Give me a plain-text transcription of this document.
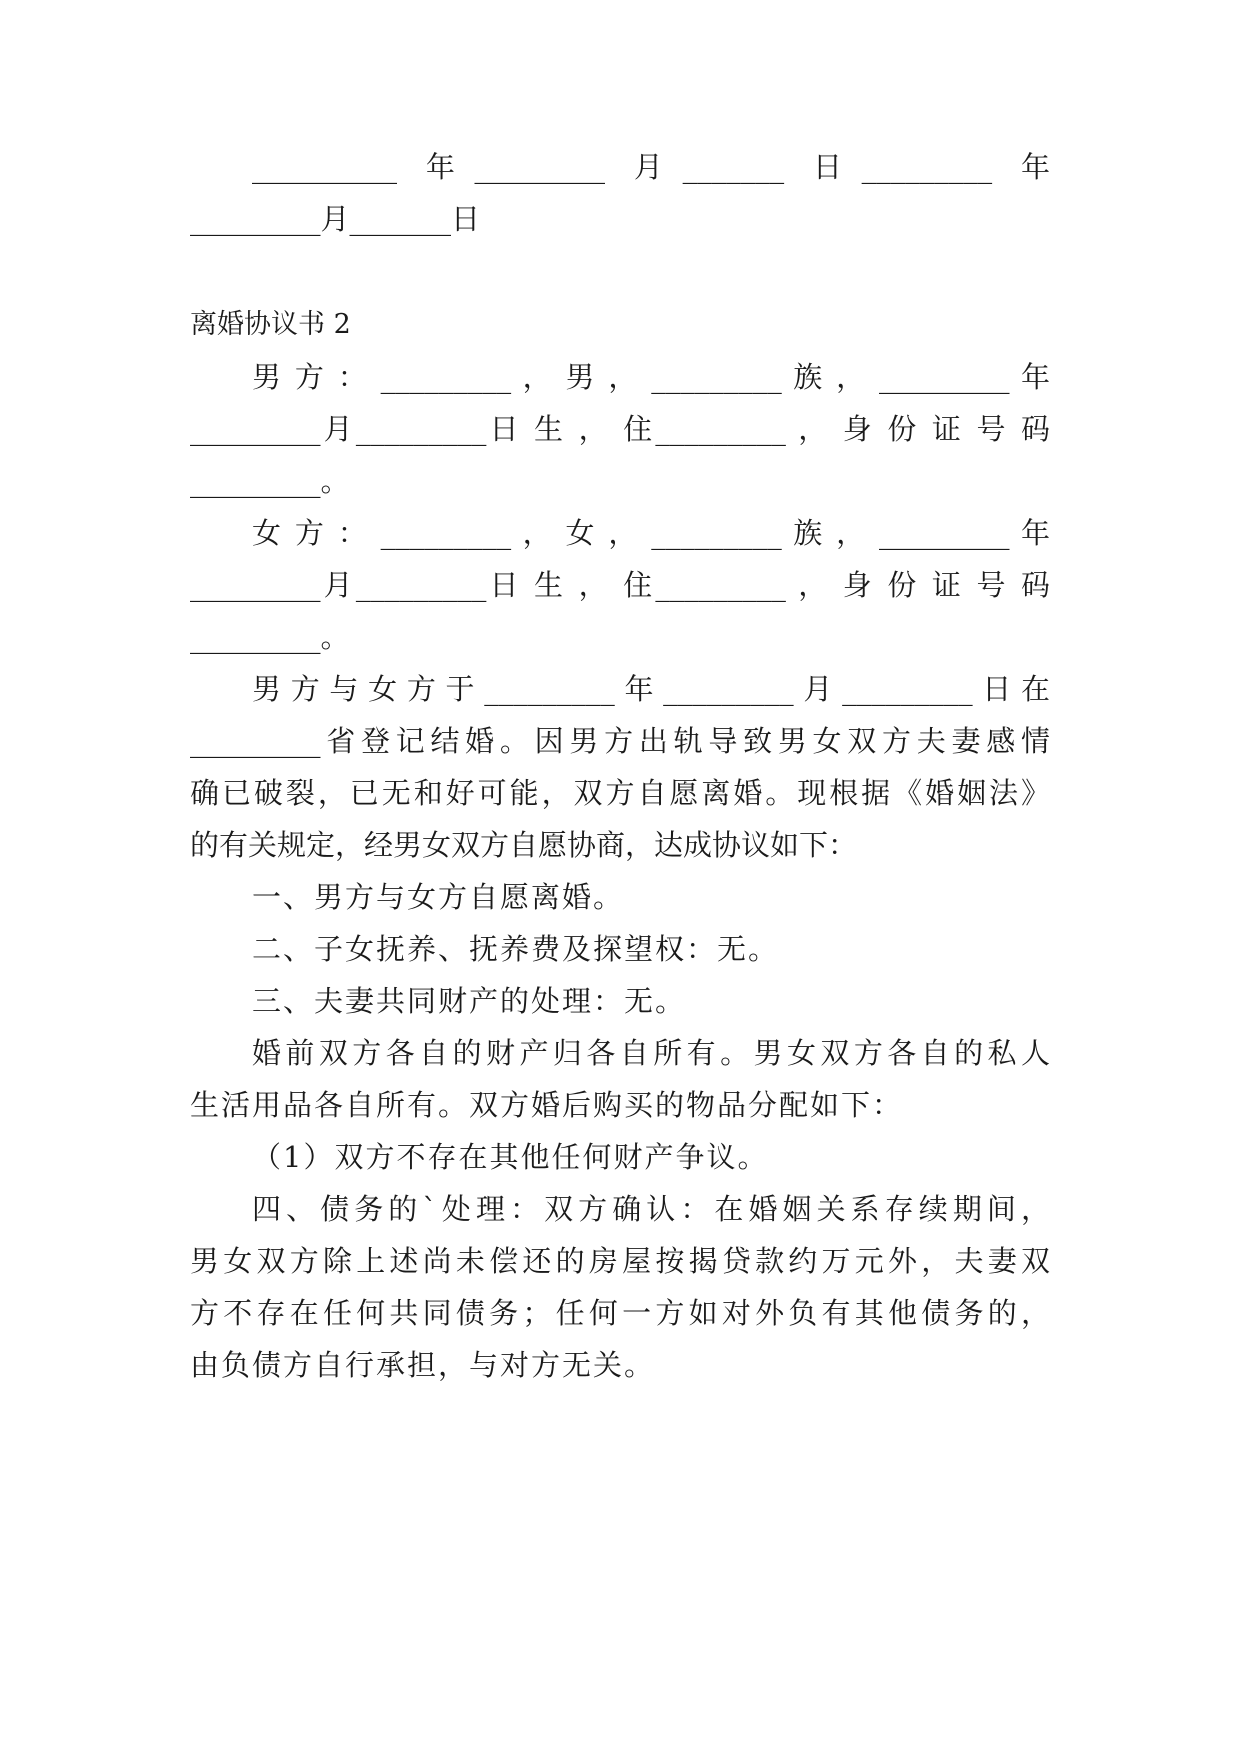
__________ 年_________ 月_______ 日_________ 年
_________月_______日
离婚协议书 2
男 方 ： _________ ， 男 ， _________ 族 ， _________ 年
_________月_________日 生 ， 住_________ ， 身 份 证 号 码
_________。
女 方 ： _________ ， 女 ， _________ 族 ， _________ 年
_________月_________日 生 ， 住_________ ， 身 份 证 号 码
_________。
男方与女方于_________年_________月_________日在
_________省登记结婚。因男方出轨导致男女双方夫妻感情
确已破裂，已无和好可能，双方自愿离婚。现根据《婚姻法》
的有关规定，经男女双方自愿协商，达成协议如下：
一、男方与女方自愿离婚。
二、子女抚养、抚养费及探望权：无。
三、夫妻共同财产的处理：无。
婚前双方各自的财产归各自所有。男女双方各自的私人
生活用品各自所有。双方婚后购买的物品分配如下：
（1）双方不存在其他任何财产争议。
四、债务的`处理：双方确认：在婚姻关系存续期间，
男女双方除上述尚未偿还的房屋按揭贷款约万元外，夫妻双
方不存在任何共同债务；任何一方如对外负有其他债务的，
由负债方自行承担，与对方无关。
